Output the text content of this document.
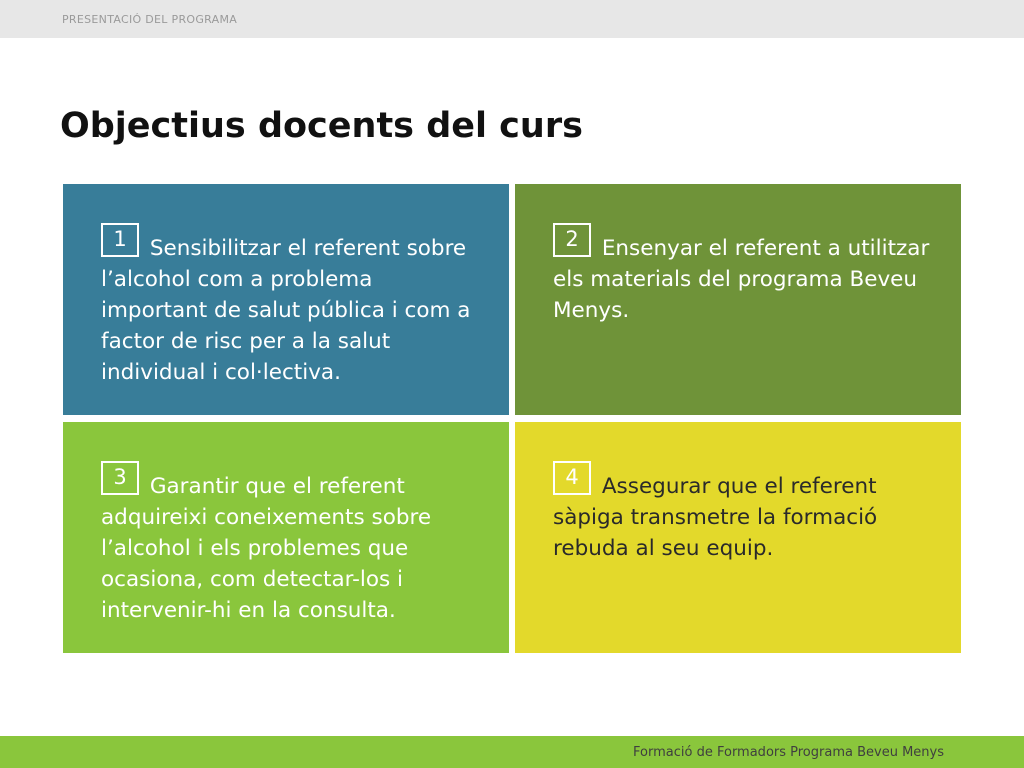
PRESENTACIÓ DEL PROGRAMA
Objectius docents del curs
1 Sensibilitzar el referent sobre l’alcohol com a problema important de salut pública i com a factor de risc per a la salut individual i col·lectiva.
2 Ensenyar el referent a utilitzar els materials del programa Beveu Menys.
3 Garantir que el referent adquireixi coneixements sobre l’alcohol i els problemes que ocasiona, com detectar-los i intervenir-hi en la consulta.
4 Assegurar que el referent sàpiga transmetre la formació rebuda al seu equip.
Formació de Formadors Programa Beveu Menys
